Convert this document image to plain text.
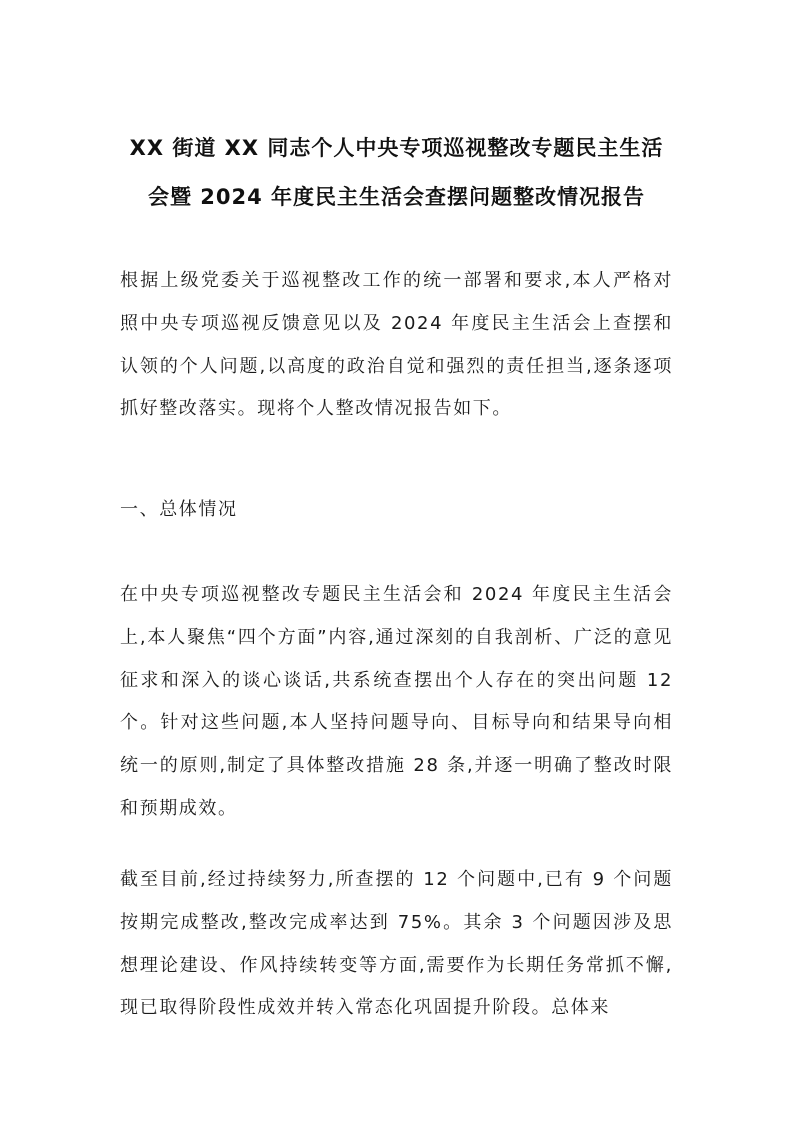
XX 街道 XX 同志个人中央专项巡视整改专题民主生活
会暨 2024 年度民主生活会查摆问题整改情况报告
根据上级党委关于巡视整改工作的统一部署和要求,本人严格对照中央专项巡视反馈意见以及 2024 年度民主生活会上查摆和认领的个人问题,以高度的政治自觉和强烈的责任担当,逐条逐项抓好整改落实。现将个人整改情况报告如下。
一、总体情况
在中央专项巡视整改专题民主生活会和 2024 年度民主生活会上,本人聚焦“四个方面”内容,通过深刻的自我剖析、广泛的意见征求和深入的谈心谈话,共系统查摆出个人存在的突出问题 12 个。针对这些问题,本人坚持问题导向、目标导向和结果导向相统一的原则,制定了具体整改措施 28 条,并逐一明确了整改时限和预期成效。
截至目前,经过持续努力,所查摆的 12 个问题中,已有 9 个问题按期完成整改,整改完成率达到 75%。其余 3 个问题因涉及思想理论建设、作风持续转变等方面,需要作为长期任务常抓不懈,现已取得阶段性成效并转入常态化巩固提升阶段。总体来
